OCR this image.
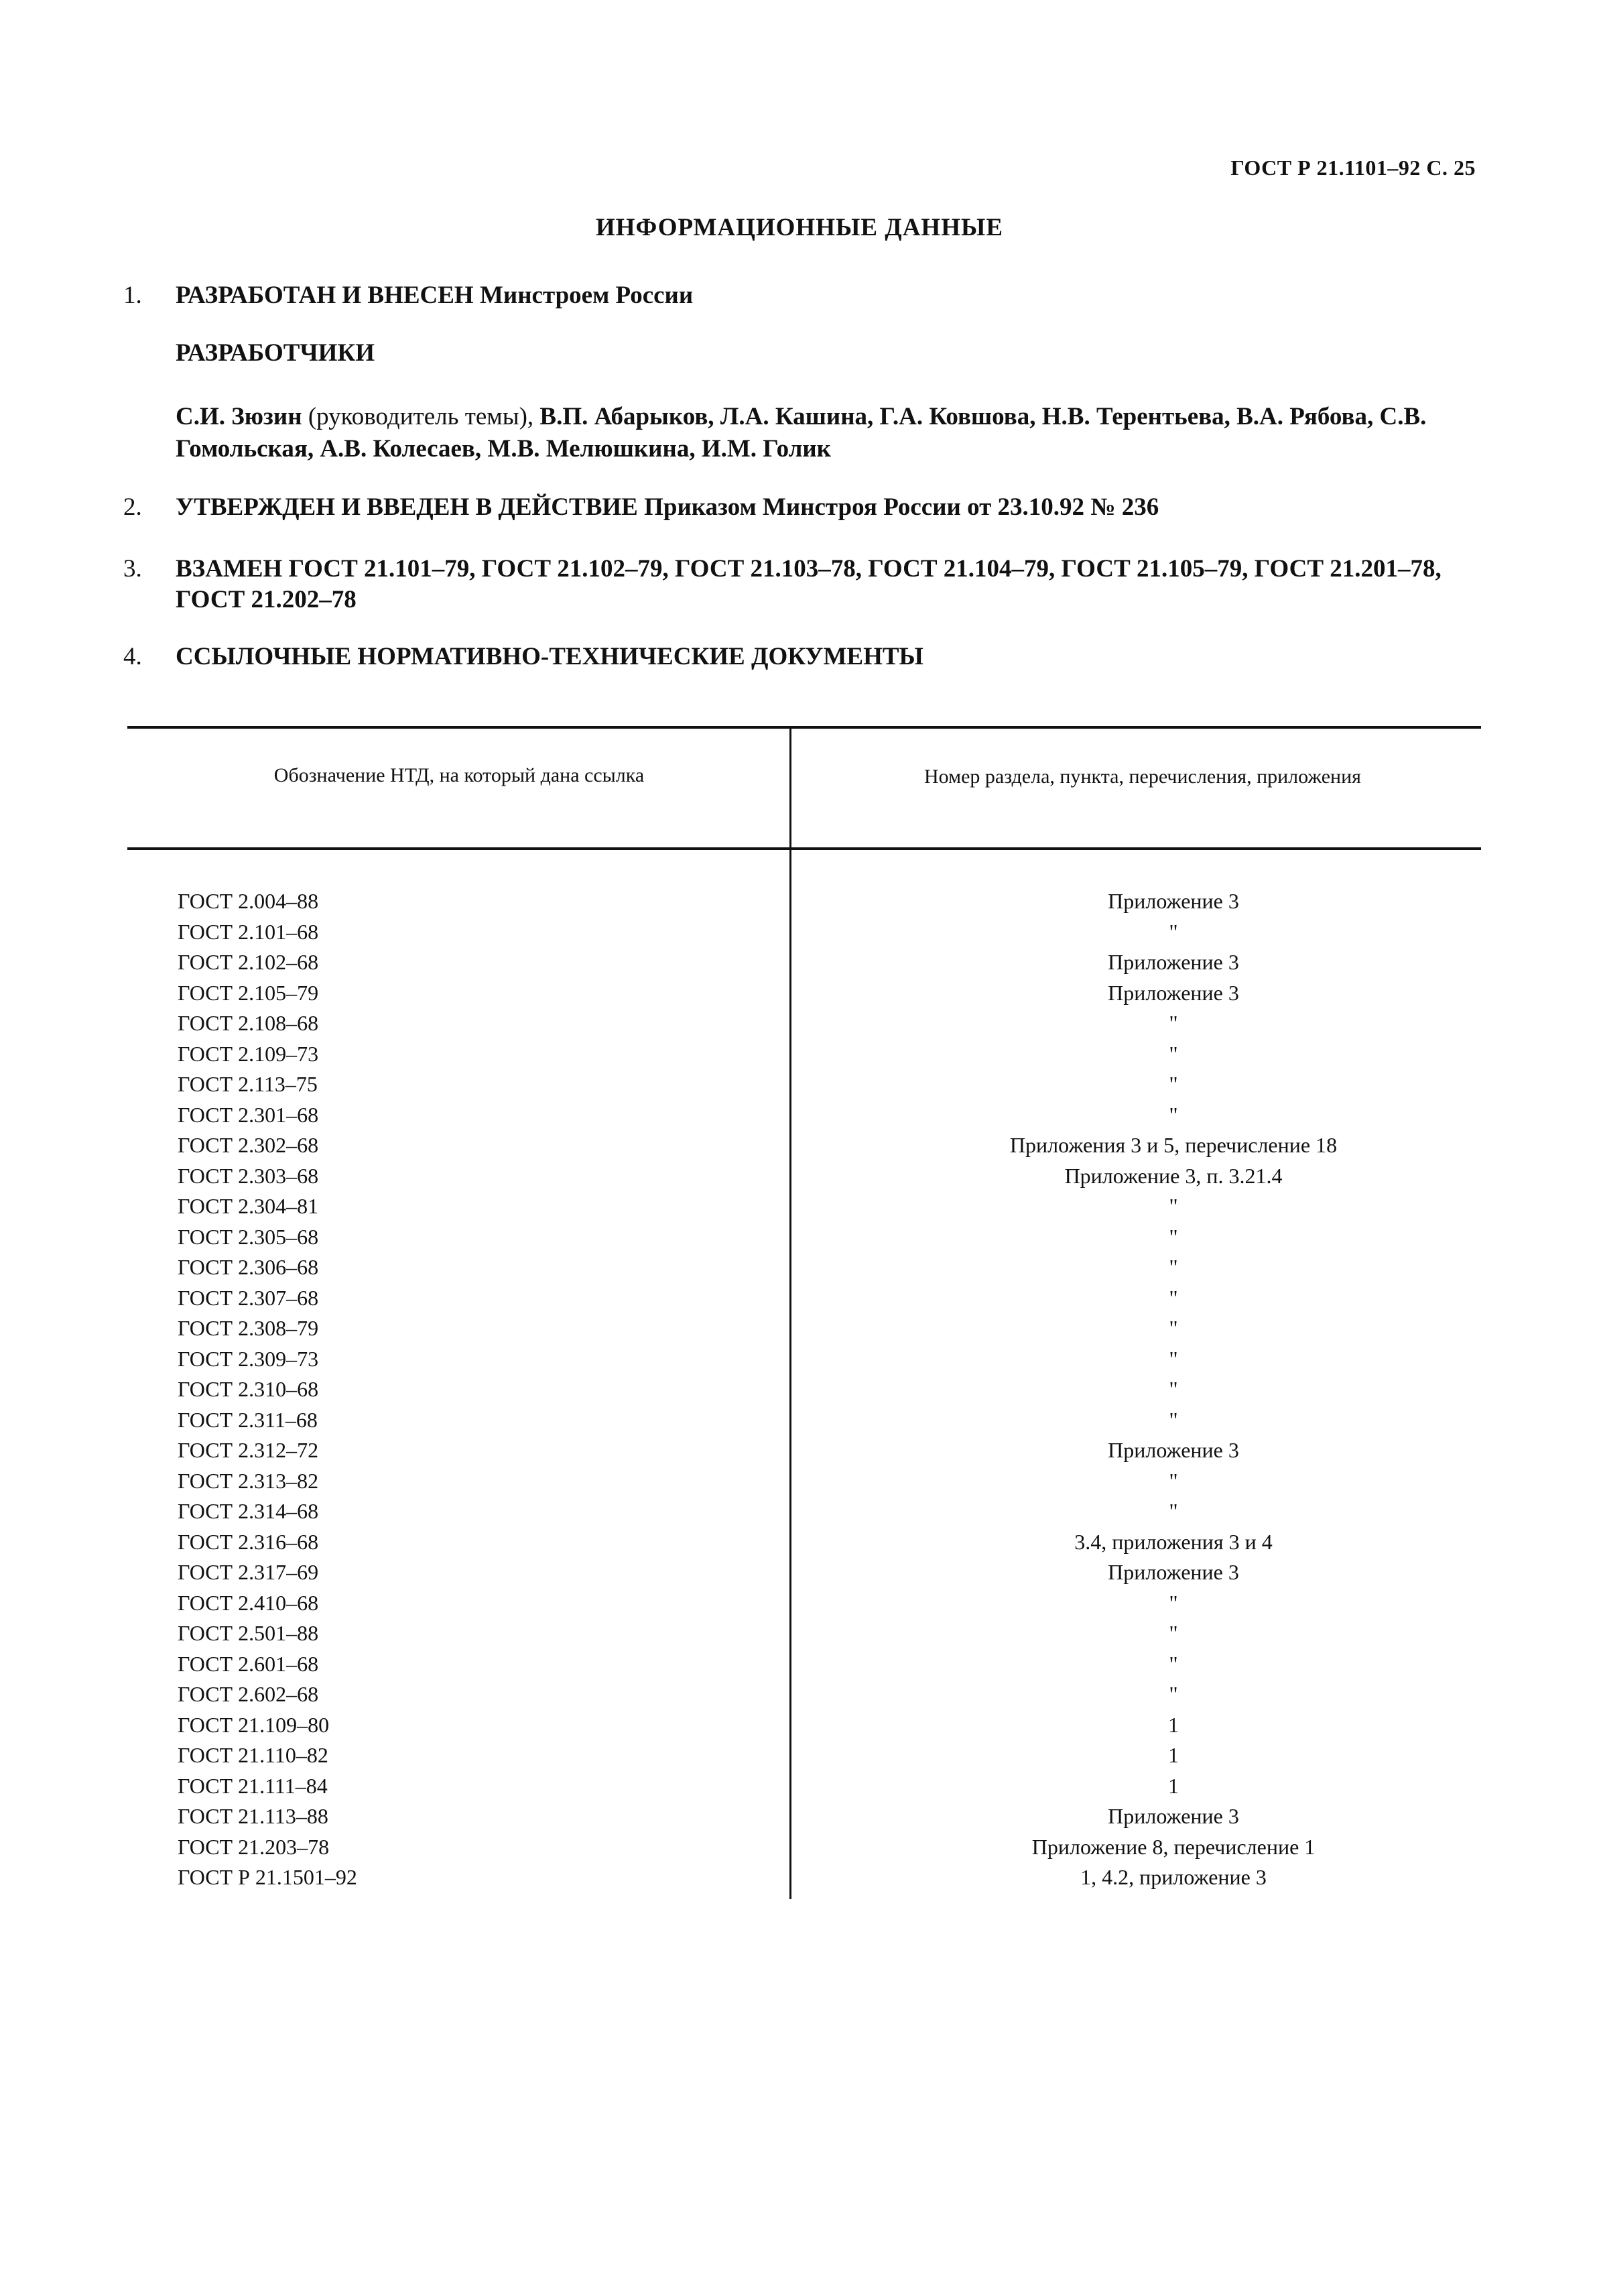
ГОСТ Р 21.1101–92 С. 25
ИНФОРМАЦИОННЫЕ ДАННЫЕ
1. РАЗРАБОТАН И ВНЕСЕН Минстроем России
РАЗРАБОТЧИКИ
С.И. Зюзин (руководитель темы), В.П. Абарыков, Л.А. Кашина, Г.А. Ковшова, Н.В. Терентьева, В.А. Рябова, С.В. Гомольская, А.В. Колесаев, М.В. Мелюшкина, И.М. Голик
2. УТВЕРЖДЕН И ВВЕДЕН В ДЕЙСТВИЕ Приказом Минстроя России от 23.10.92 № 236
3. ВЗАМЕН ГОСТ 21.101–79, ГОСТ 21.102–79, ГОСТ 21.103–78, ГОСТ 21.104–79, ГОСТ 21.105–79, ГОСТ 21.201–78, ГОСТ 21.202–78
4. ССЫЛОЧНЫЕ НОРМАТИВНО-ТЕХНИЧЕСКИЕ ДОКУМЕНТЫ
Обозначение НТД, на который дана ссылка	Номер раздела, пункта, перечисления, приложения
ГОСТ 2.004–88	Приложение 3
ГОСТ 2.101–68	"
ГОСТ 2.102–68	Приложение 3
ГОСТ 2.105–79	Приложение 3
ГОСТ 2.108–68	"
ГОСТ 2.109–73	"
ГОСТ 2.113–75	"
ГОСТ 2.301–68	"
ГОСТ 2.302–68	Приложения 3 и 5, перечисление 18
ГОСТ 2.303–68	Приложение 3, п. 3.21.4
ГОСТ 2.304–81	"
ГОСТ 2.305–68	"
ГОСТ 2.306–68	"
ГОСТ 2.307–68	"
ГОСТ 2.308–79	"
ГОСТ 2.309–73	"
ГОСТ 2.310–68	"
ГОСТ 2.311–68	"
ГОСТ 2.312–72	Приложение 3
ГОСТ 2.313–82	"
ГОСТ 2.314–68	"
ГОСТ 2.316–68	3.4, приложения 3 и 4
ГОСТ 2.317–69	Приложение 3
ГОСТ 2.410–68	"
ГОСТ 2.501–88	"
ГОСТ 2.601–68	"
ГОСТ 2.602–68	"
ГОСТ 21.109–80	1
ГОСТ 21.110–82	1
ГОСТ 21.111–84	1
ГОСТ 21.113–88	Приложение 3
ГОСТ 21.203–78	Приложение 8, перечисление 1
ГОСТ Р 21.1501–92	1, 4.2, приложение 3
